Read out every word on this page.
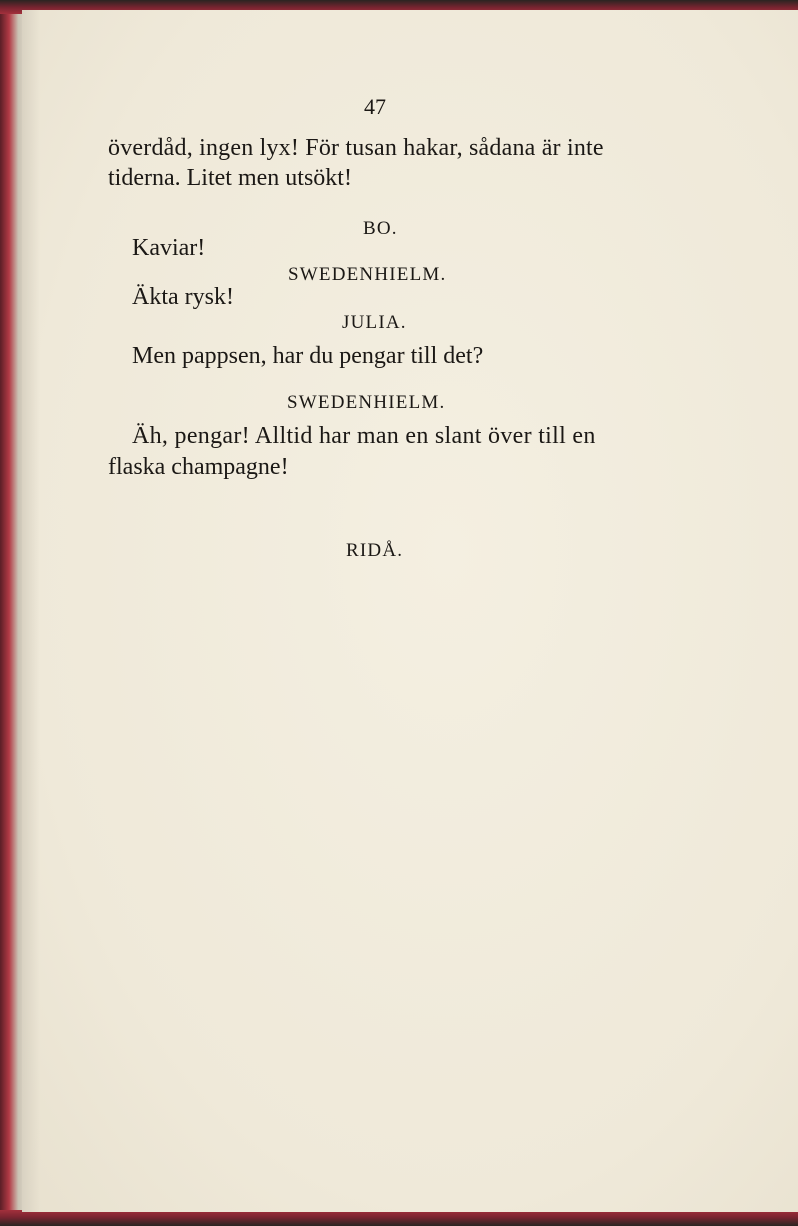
47
överdåd, ingen lyx! För tusan hakar, sådana är inte
tiderna. Litet men utsökt!
BO.
Kaviar!
SWEDENHIELM.
Äkta rysk!
JULIA.
Men pappsen, har du pengar till det?
SWEDENHIELM.
Äh, pengar! Alltid har man en slant över till en
flaska champagne!
RIDÅ.
